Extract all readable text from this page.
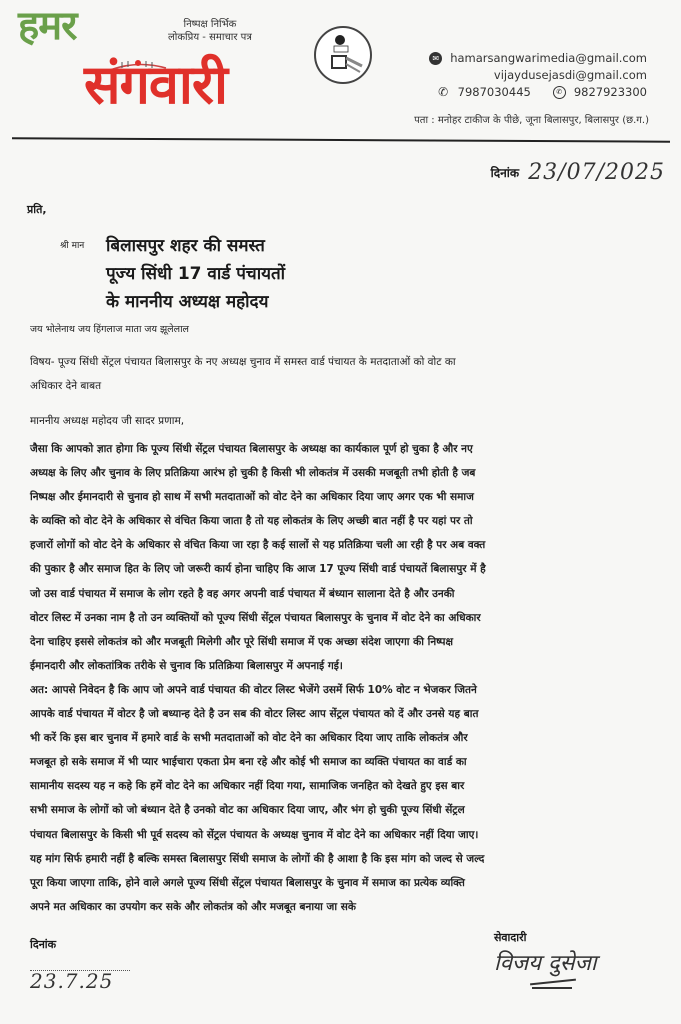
हमर
संगवारी
निष्पक्ष निर्भिक
लोकप्रिय - समाचार पत्र
✉ hamarsangwarimedia@gmail.com
vijaydusejasdi@gmail.com
✆ 7987030445	✆	9827923300
पता : मनोहर टाकीज के पीछे, जूना बिलासपुर, बिलासपुर (छ.ग.)
दिनांक 23/07/2025
प्रति,
श्री मान बिलासपुर शहर की समस्त
पूज्य सिंधी 17 वार्ड पंचायतों
के माननीय अध्यक्ष महोदय
जय भोलेनाथ जय हिंगलाज माता जय झूलेलाल
विषय- पूज्य सिंधी सेंट्रल पंचायत बिलासपुर के नए अध्यक्ष चुनाव में समस्त वार्ड पंचायत के मतदाताओं को वोट का
अधिकार देने बाबत
माननीय अध्यक्ष महोदय जी सादर प्रणाम,
जैसा कि आपको ज्ञात होगा कि पूज्य सिंधी सेंट्रल पंचायत बिलासपुर के अध्यक्ष का कार्यकाल पूर्ण हो चुका है और नए
अध्यक्ष के लिए और चुनाव के लिए प्रतिक्रिया आरंभ हो चुकी है किसी भी लोकतंत्र में उसकी मजबूती तभी होती है जब
निष्पक्ष और ईमानदारी से चुनाव हो साथ में सभी मतदाताओं को वोट देने का अधिकार दिया जाए अगर एक भी समाज
के व्यक्ति को वोट देने के अधिकार से वंचित किया जाता है तो यह लोकतंत्र के लिए अच्छी बात नहीं है पर यहां पर तो
हजारों लोगों को वोट देने के अधिकार से वंचित किया जा रहा है कई सालों से यह प्रतिक्रिया चली आ रही है पर अब वक्त
की पुकार है और समाज हित के लिए जो जरूरी कार्य होना चाहिए कि आज 17 पूज्य सिंधी वार्ड पंचायतें बिलासपुर में है
जो उस वार्ड पंचायत में समाज के लोग रहते है वह अगर अपनी वार्ड पंचायत में बंध्यान सालाना देते है और उनकी
वोटर लिस्ट में उनका नाम है तो उन व्यक्तियों को पूज्य सिंधी सेंट्रल पंचायत बिलासपुर के चुनाव में वोट देने का अधिकार
देना चाहिए इससे लोकतंत्र को और मजबूती मिलेगी और पूरे सिंधी समाज में एक अच्छा संदेश जाएगा की निष्पक्ष
ईमानदारी और लोकतांत्रिक तरीके से चुनाव कि प्रतिक्रिया बिलासपुर में अपनाई गई।
अत: आपसे निवेदन है कि आप जो अपने वार्ड पंचायत की वोटर लिस्ट भेजेंगे उसमें सिर्फ 10% वोट न भेजकर जितने
आपके वार्ड पंचायत में वोटर है जो बध्यान्ह देते है उन सब की वोटर लिस्ट आप सेंट्रल पंचायत को दें और उनसे यह बात
भी करें कि इस बार चुनाव में हमारे वार्ड के सभी मतदाताओं को वोट देने का अधिकार दिया जाए ताकि लोकतंत्र और
मजबूत हो सके समाज में भी प्यार भाईचारा एकता प्रेम बना रहे और कोई भी समाज का व्यक्ति पंचायत का वार्ड का
सामानीय सदस्य यह न कहे कि हमें वोट देने का अधिकार नहीं दिया गया, सामाजिक जनहित को देखते हुए इस बार
सभी समाज के लोगों को जो बंध्यान देते है उनको वोट का अधिकार दिया जाए, और भंग हो चुकी पूज्य सिंधी सेंट्रल
पंचायत बिलासपुर के किसी भी पूर्व सदस्य को सेंट्रल पंचायत के अध्यक्ष चुनाव में वोट देने का अधिकार नहीं दिया जाए।
यह मांग सिर्फ हमारी नहीं है बल्कि समस्त बिलासपुर सिंधी समाज के लोगों की है आशा है कि इस मांग को जल्द से जल्द
पूरा किया जाएगा ताकि, होने वाले अगले पूज्य सिंधी सेंट्रल पंचायत बिलासपुर के चुनाव में समाज का प्रत्येक व्यक्ति
अपने मत अधिकार का उपयोग कर सके और लोकतंत्र को और मजबूत बनाया जा सके
दिनांक
23.7.25
सेवादारी
विजय दुसेजा
